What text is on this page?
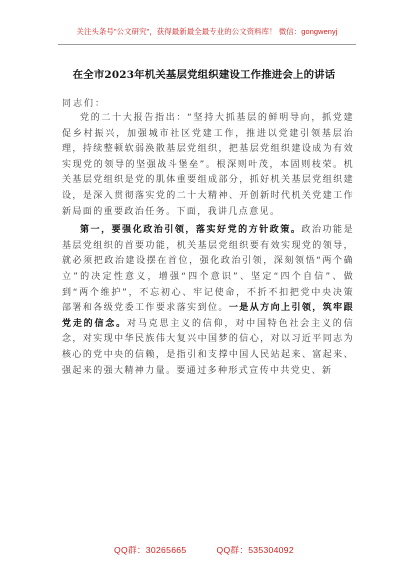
关注头条号"公文研究"，获得最新最全最专业的公文资料库！ 微信：gongwenyj
在全市2023年机关基层党组织建设工作推进会上的讲话
同志们：

党的二十大报告指出：“坚持大抓基层的鲜明导向，抓党建促乡村振兴，加强城市社区党建工作，推进以党建引领基层治理，持续整顿软弱涣散基层党组织，把基层党组织建设成为有效实现党的领导的坚强战斗堡垒”。根深则叶茂，本固则枝荣。机关基层党组织是党的肌体重要组成部分，抓好机关基层党组织建设，是深入贯彻落实党的二十大精神、开创新时代机关党建工作新局面的重要政治任务。下面，我讲几点意见。

第一，要强化政治引领，落实好党的方针政策。政治功能是基层党组织的首要功能，机关基层党组织要有效实现党的领导，就必须把政治建设摆在首位，强化政治引领，深刻领悟“两个确立”的决定性意义，增强“四个意识”、坚定“四个自信”、做到“两个维护”，不忘初心、牢记使命，不折不扣把党中央决策部署和各级党委工作要求落实到位。一是从方向上引领，筑牢跟党走的信念。对马克思主义的信仰，对中国特色社会主义的信念，对实现中华民族伟大复兴中国梦的信心，对以习近平同志为核心的党中央的信赖，是指引和支撑中国人民站起来、富起来、强起来的强大精神力量。要通过多种形式宣传中共党史、新

QQ群：30265665	QQ群：535304092
